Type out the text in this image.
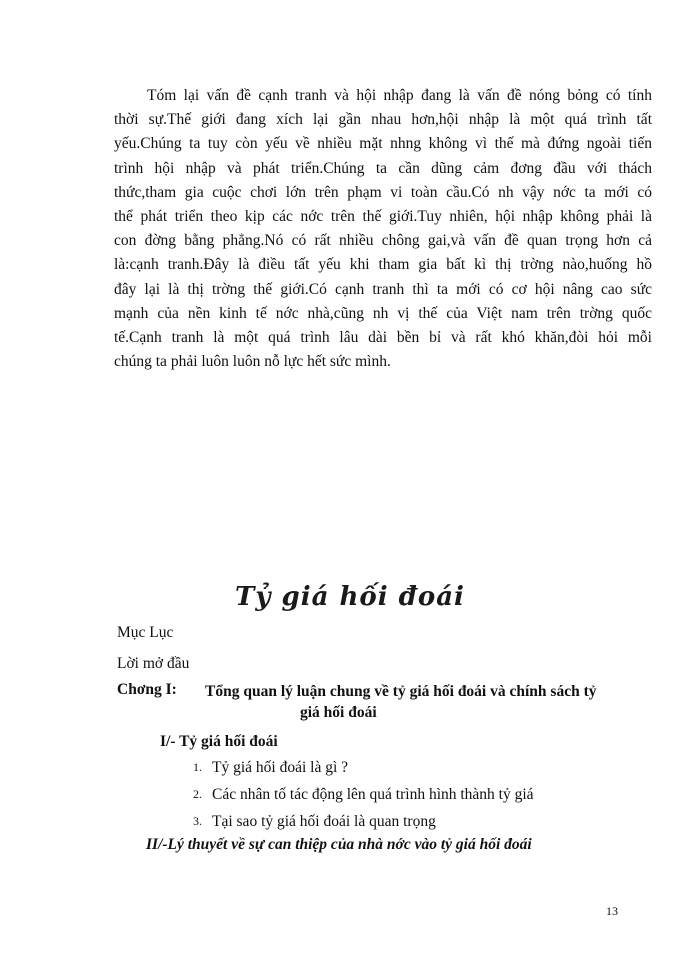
Tóm lại vấn đề cạnh tranh và hội nhập đang là vấn đề nóng bỏng có tính
thời sự.Thế giới đang xích lại gần nhau hơn,hội nhập là một quá trình tất
yếu.Chúng ta tuy còn yếu về nhiều mặt nhng không vì thế mà đứng ngoài tiến
trình hội nhập và phát triển.Chúng ta cần dũng cảm đơng đầu với thách
thức,tham gia cuộc chơi lớn trên phạm vi toàn cầu.Có nh vậy nớc ta mới có
thể phát triển theo kịp các nớc trên thế giới.Tuy nhiên, hội nhập không phải là
con đờng bằng phẳng.Nó có rất nhiều chông gai,và vấn đề quan trọng hơn cả
là:cạnh tranh.Đây là điều tất yếu khi tham gia bất kì thị trờng nào,huống hồ
đây lại là thị trờng thế giới.Có cạnh tranh thì ta mới có cơ hội nâng cao sức
mạnh của nền kinh tế nớc nhà,cũng nh vị thế của Việt nam trên trờng quốc
tế.Cạnh tranh là một quá trình lâu dài bền bỉ và rất khó khăn,đòi hỏi mỗi
chúng ta phải luôn luôn nỗ lực hết sức mình.
Tỷ giá hối đoái
Mục Lục
Lời mở đầu
Chơng I: Tổng quan lý luận chung về tỷ giá hối đoái và chính sách tỷ
giá hối đoái
I/- Tỷ giá hối đoái
1. Tỷ giá hối đoái là gì ?
2. Các nhân tố tác động lên quá trình hình thành tỷ giá
3. Tại sao tỷ giá hối đoái là quan trọng
II/-Lý thuyết về sự can thiệp của nhà nớc vào tỷ giá hối đoái
13
